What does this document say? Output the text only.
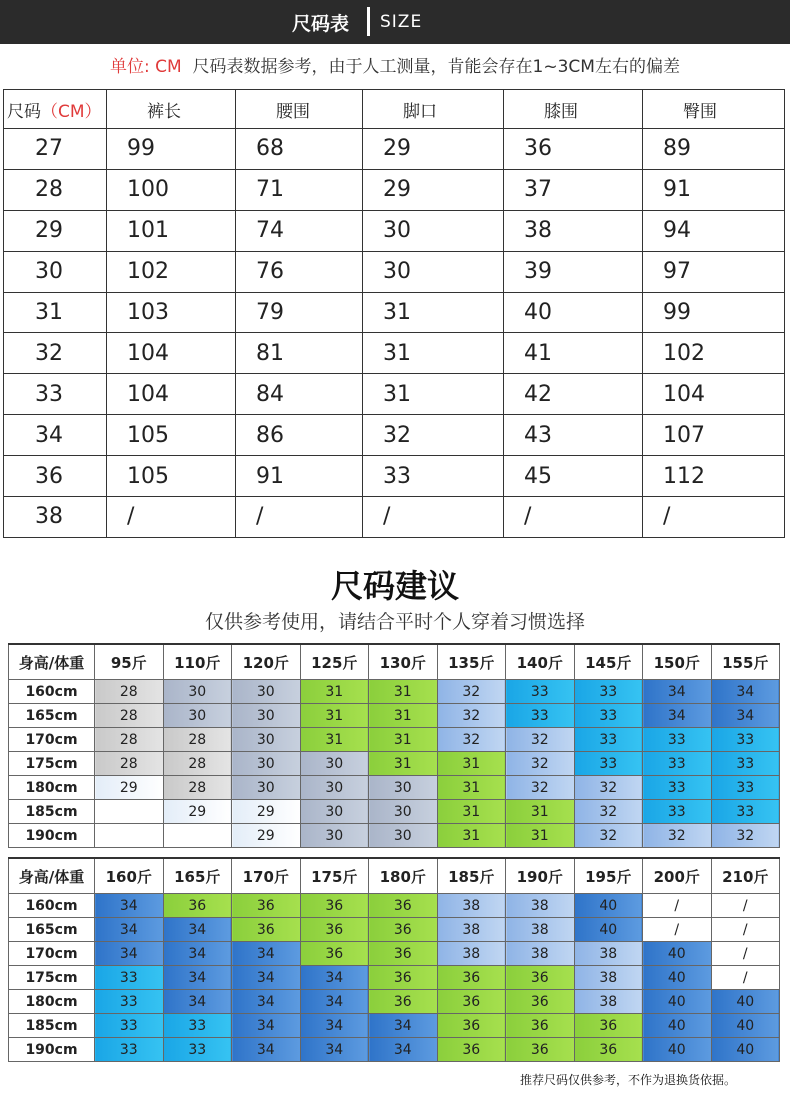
尺码表 SIZE
单位: CM 尺码表数据参考，由于人工测量，肯能会存在1~3CM左右的偏差
尺码（CM）	裤长	腰围	脚口	膝围	臀围
27	99	68	29	36	89
28	100	71	29	37	91
29	101	74	30	38	94
30	102	76	30	39	97
31	103	79	31	40	99
32	104	81	31	41	102
33	104	84	31	42	104
34	105	86	32	43	107
36	105	91	33	45	112
38	/	/	/	/	/
尺码建议
仅供参考使用，请结合平时个人穿着习惯选择
身高/体重	95斤	110斤	120斤	125斤	130斤	135斤	140斤	145斤	150斤	155斤
160cm	28	30	30	31	31	32	33	33	34	34
165cm	28	30	30	31	31	32	33	33	34	34
170cm	28	28	30	31	31	32	32	33	33	33
175cm	28	28	30	30	31	31	32	33	33	33
180cm	29	28	30	30	30	31	32	32	33	33
185cm		29	29	30	30	31	31	32	33	33
190cm			29	30	30	31	31	32	32	32
身高/体重	160斤	165斤	170斤	175斤	180斤	185斤	190斤	195斤	200斤	210斤
160cm	34	36	36	36	36	38	38	40	/	/
165cm	34	34	36	36	36	38	38	40	/	/
170cm	34	34	34	36	36	38	38	38	40	/
175cm	33	34	34	34	36	36	36	38	40	/
180cm	33	34	34	34	36	36	36	38	40	40
185cm	33	33	34	34	34	36	36	36	40	40
190cm	33	33	34	34	34	36	36	36	40	40
推荐尺码仅供参考，不作为退换货依据。
